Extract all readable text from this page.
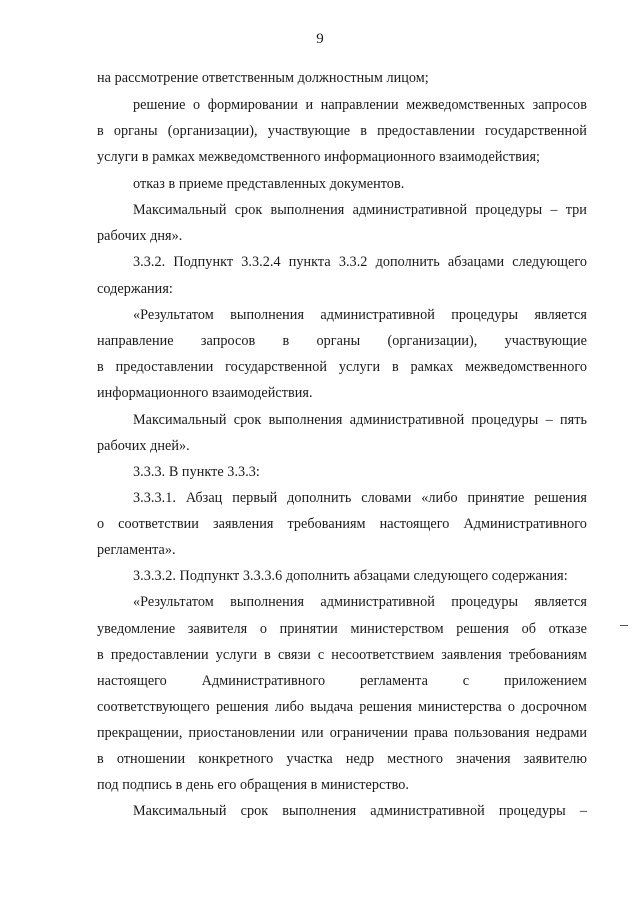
9
на рассмотрение ответственным должностным лицом;
решение о формировании и направлении межведомственных запросов
в органы (организации), участвующие в предоставлении государственной
услуги в рамках межведомственного информационного взаимодействия;
отказ в приеме представленных документов.
Максимальный срок выполнения административной процедуры – три
рабочих дня».
3.3.2. Подпункт 3.3.2.4 пункта 3.3.2 дополнить абзацами следующего
содержания:
«Результатом выполнения административной процедуры является
направление запросов в органы (организации), участвующие
в предоставлении государственной услуги в рамках межведомственного
информационного взаимодействия.
Максимальный срок выполнения административной процедуры – пять
рабочих дней».
3.3.3. В пункте 3.3.3:
3.3.3.1. Абзац первый дополнить словами «либо принятие решения
о соответствии заявления требованиям настоящего Административного
регламента».
3.3.3.2. Подпункт 3.3.3.6 дополнить абзацами следующего содержания:
«Результатом выполнения административной процедуры является
уведомление заявителя о принятии министерством решения об отказе
в предоставлении услуги в связи с несоответствием заявления требованиям
настоящего Административного регламента с приложением
соответствующего решения либо выдача решения министерства о досрочном
прекращении, приостановлении или ограничении права пользования недрами
в отношении конкретного участка недр местного значения заявителю
под подпись в день его обращения в министерство.
Максимальный срок выполнения административной процедуры –
